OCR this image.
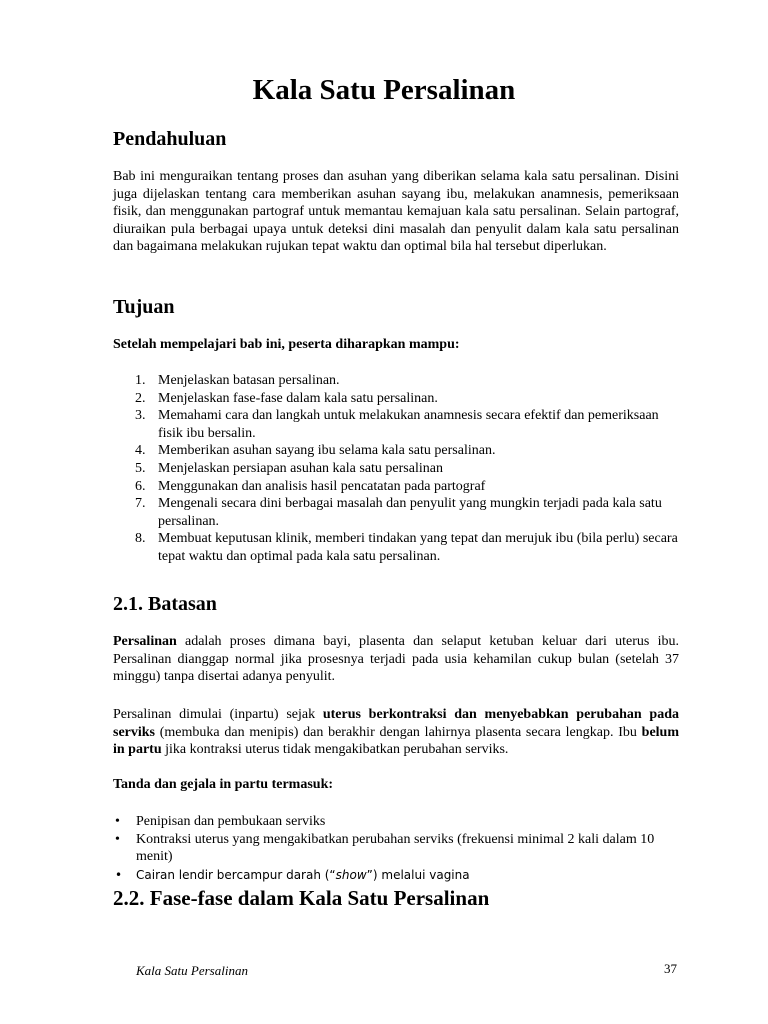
Kala Satu Persalinan
Pendahuluan

Bab ini menguraikan tentang proses dan asuhan yang diberikan selama kala satu persalinan. Disini juga dijelaskan tentang cara memberikan asuhan sayang ibu, melakukan anamnesis, pemeriksaan fisik, dan menggunakan partograf untuk memantau kemajuan kala satu persalinan. Selain partograf, diuraikan pula berbagai upaya untuk deteksi dini masalah dan penyulit dalam kala satu persalinan dan bagaimana melakukan rujukan tepat waktu dan optimal bila hal tersebut diperlukan.

Tujuan

Setelah mempelajari bab ini, peserta diharapkan mampu:

1. Menjelaskan batasan persalinan.
2. Menjelaskan fase-fase dalam kala satu persalinan.
3. Memahami cara dan langkah untuk melakukan anamnesis secara efektif dan pemeriksaan fisik ibu bersalin.
4. Memberikan asuhan sayang ibu selama kala satu persalinan.
5. Menjelaskan persiapan asuhan kala satu persalinan
6. Menggunakan dan analisis hasil pencatatan pada partograf
7. Mengenali secara dini berbagai masalah dan penyulit yang mungkin terjadi pada kala satu persalinan.
8. Membuat keputusan klinik, memberi tindakan yang tepat dan merujuk ibu (bila perlu) secara tepat waktu dan optimal pada kala satu persalinan.
2.1. Batasan

Persalinan adalah proses dimana bayi, plasenta dan selaput ketuban keluar dari uterus ibu. Persalinan dianggap normal jika prosesnya terjadi pada usia kehamilan cukup bulan (setelah 37 minggu) tanpa disertai adanya penyulit.

Persalinan dimulai (inpartu) sejak uterus berkontraksi dan menyebabkan perubahan pada serviks (membuka dan menipis) dan berakhir dengan lahirnya plasenta secara lengkap. Ibu belum in partu jika kontraksi uterus tidak mengakibatkan perubahan serviks.

Tanda dan gejala in partu termasuk:

• Penipisan dan pembukaan serviks
• Kontraksi uterus yang mengakibatkan perubahan serviks (frekuensi minimal 2 kali dalam 10 menit)
• Cairan lendir bercampur darah (“show”) melalui vagina
2.2. Fase-fase dalam Kala Satu Persalinan
Kala Satu Persalinan	37
